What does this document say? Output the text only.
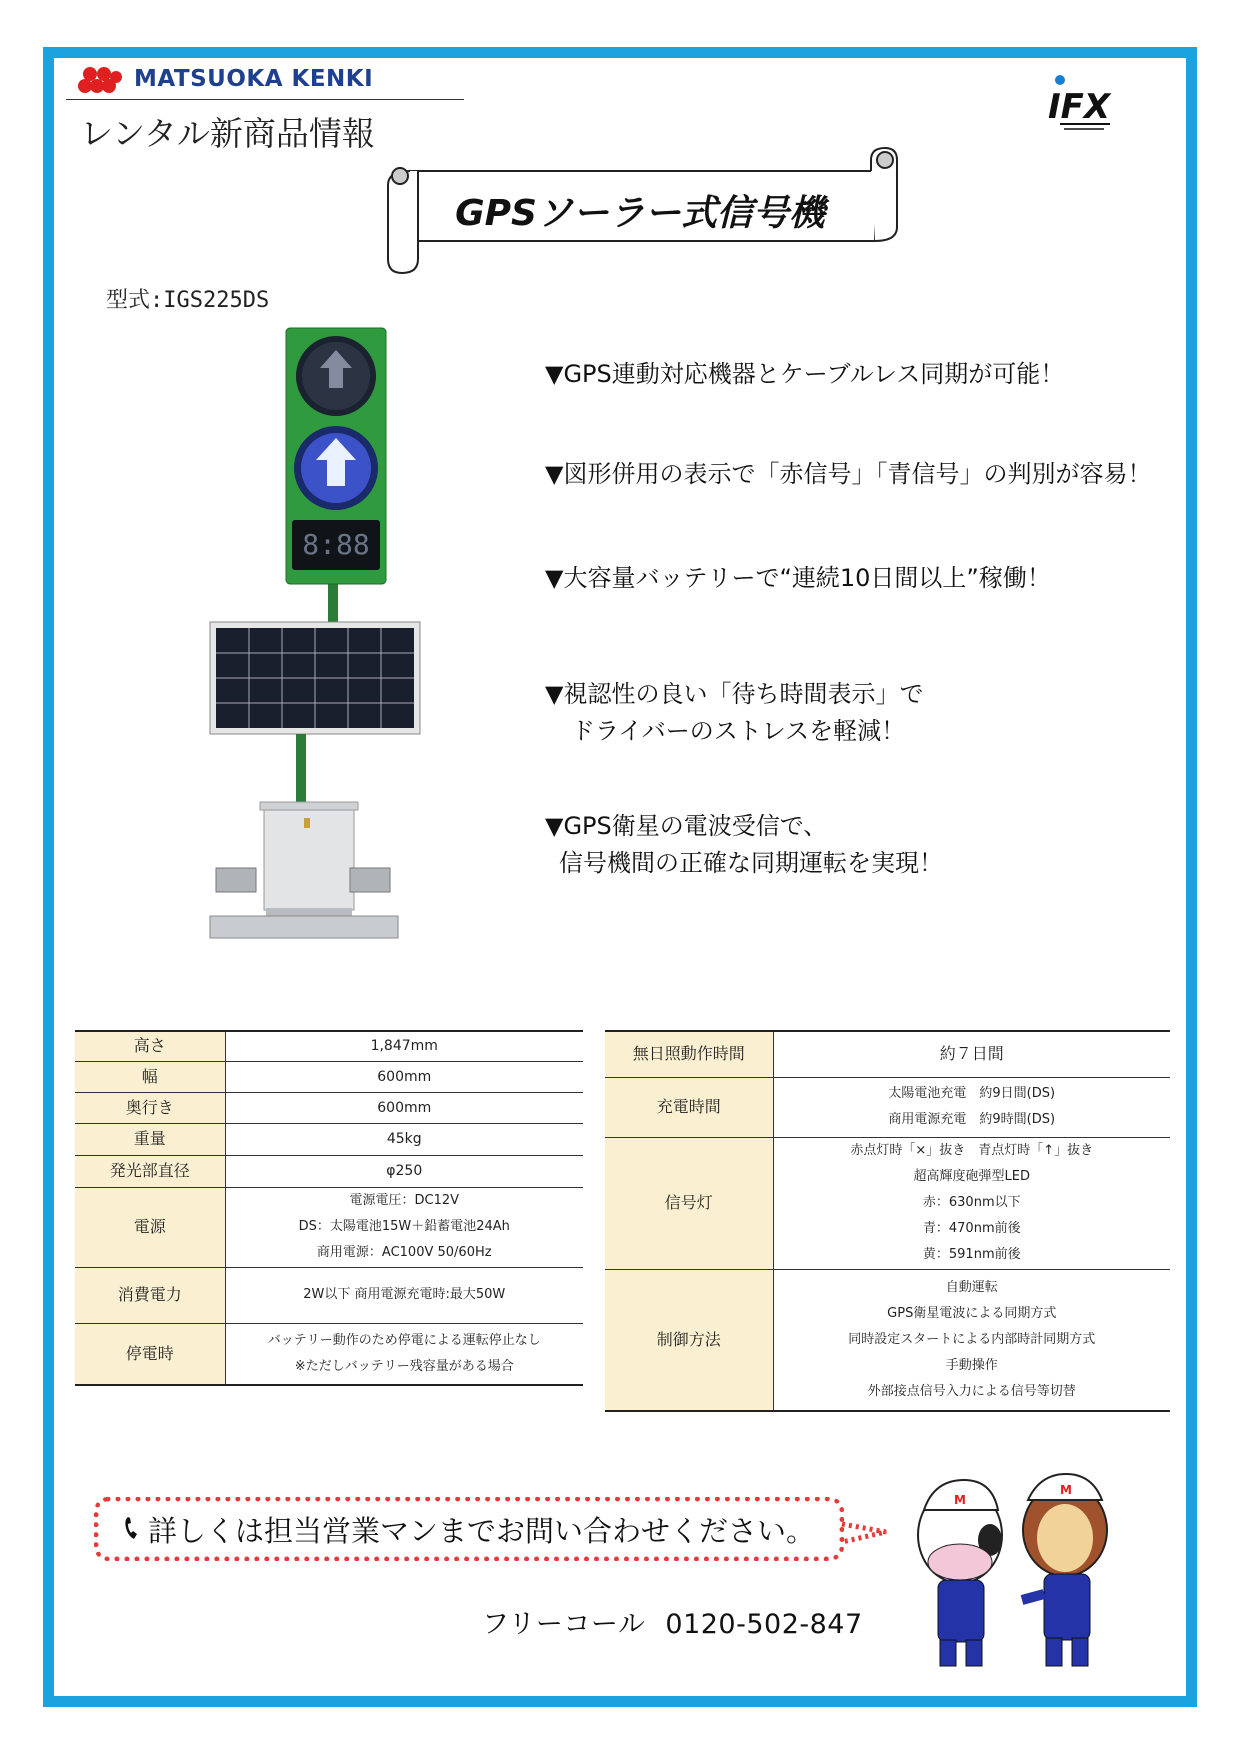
MATSUOKA KENKI
レンタル新商品情報
IFX
GPSソーラー式信号機
型式:IGS225DS
8:88
▼GPS連動対応機器とケーブルレス同期が可能！
▼図形併用の表示で「赤信号」「青信号」の判別が容易！
▼大容量バッテリーで“連続10日間以上”稼働！
▼視認性の良い「待ち時間表示」で
ドライバーのストレスを軽減！
▼GPS衛星の電波受信で、
信号機間の正確な同期運転を実現！
高さ	1,847mm
幅	600mm
奥行き	600mm
重量	45kg
発光部直径	φ250
電源	電源電圧：DC12V
DS：太陽電池15W＋鉛蓄電池24Ah
商用電源：AC100V 50/60Hz

消費電力	2W以下 商用電源充電時:最大50W
停電時	バッテリー動作のため停電による運転停止なし
※ただしバッテリー残容量がある場合
無日照動作時間	約７日間
充電時間	太陽電池充電　約9日間(DS)
商用電源充電　約9時間(DS)

信号灯	赤点灯時「×」抜き　青点灯時「↑」抜き
超高輝度砲弾型LED
赤：630nm以下
青：470nm前後
黄：591nm前後

制御方法	自動運転
GPS衛星電波による同期方式
同時設定スタートによる内部時計同期方式
手動操作
外部接点信号入力による信号等切替
詳しくは担当営業マンまでお問い合わせください。
フリーコール 0120-502-847
M
M
